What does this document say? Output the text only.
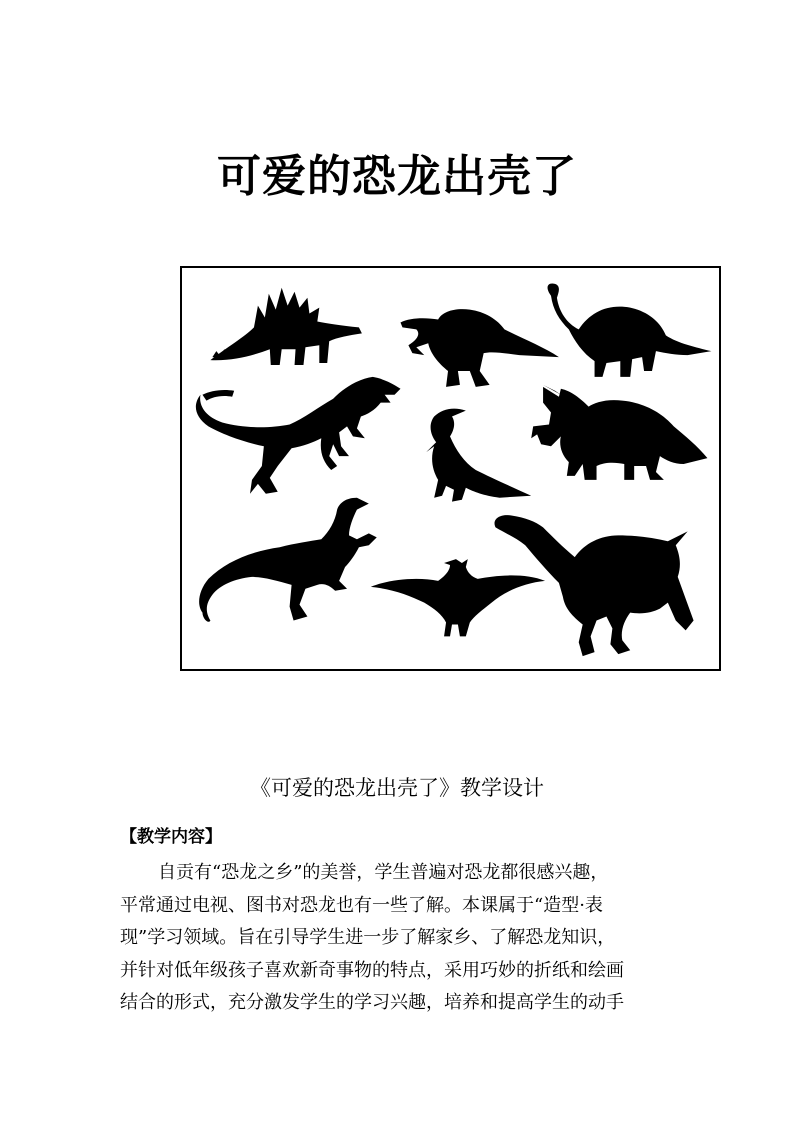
可爱的恐龙出壳了
《可爱的恐龙出壳了》教学设计
【教学内容】
自贡有“恐龙之乡”的美誉，学生普遍对恐龙都很感兴趣，
平常通过电视、图书对恐龙也有一些了解。本课属于“造型·表
现”学习领域。旨在引导学生进一步了解家乡、了解恐龙知识，
并针对低年级孩子喜欢新奇事物的特点，采用巧妙的折纸和绘画
结合的形式，充分激发学生的学习兴趣，培养和提高学生的动手
